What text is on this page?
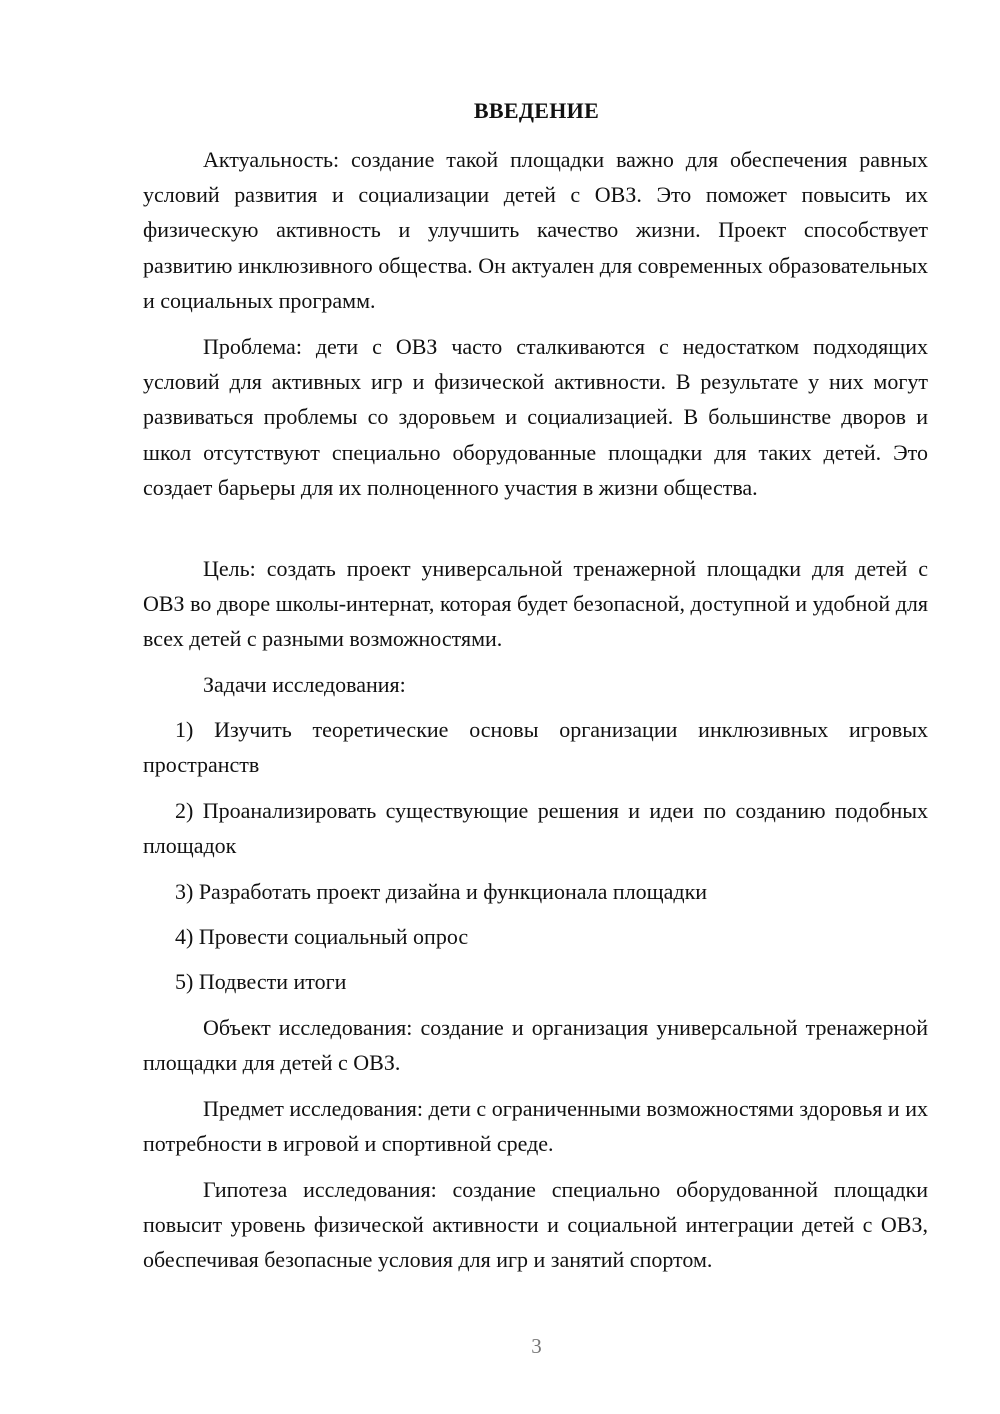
ВВЕДЕНИЕ

Актуальность: создание такой площадки важно для обеспечения равных условий развития и социализации детей с ОВЗ. Это поможет повысить их физическую активность и улучшить качество жизни. Проект способствует развитию инклюзивного общества. Он актуален для современных образовательных и социальных программ.

Проблема: дети с ОВЗ часто сталкиваются с недостатком подходящих условий для активных игр и физической активности. В результате у них могут развиваться проблемы со здоровьем и социализацией. В большинстве дворов и школ отсутствуют специально оборудованные площадки для таких детей. Это создает барьеры для их полноценного участия в жизни общества.

Цель: создать проект универсальной тренажерной площадки для детей с ОВЗ во дворе школы-интернат, которая будет безопасной, доступной и удобной для всех детей с разными возможностями.

Задачи исследования:

1) Изучить теоретические основы организации инклюзивных игровых пространств

2) Проанализировать существующие решения и идеи по созданию подобных площадок

3) Разработать проект дизайна и функционала площадки

4) Провести социальный опрос

5) Подвести итоги

Объект исследования: создание и организация универсальной тренажерной площадки для детей с ОВЗ.

Предмет исследования: дети с ограниченными возможностями здоровья и их потребности в игровой и спортивной среде.

Гипотеза исследования: создание специально оборудованной площадки повысит уровень физической активности и социальной интеграции детей с ОВЗ, обеспечивая безопасные условия для игр и занятий спортом.

3
